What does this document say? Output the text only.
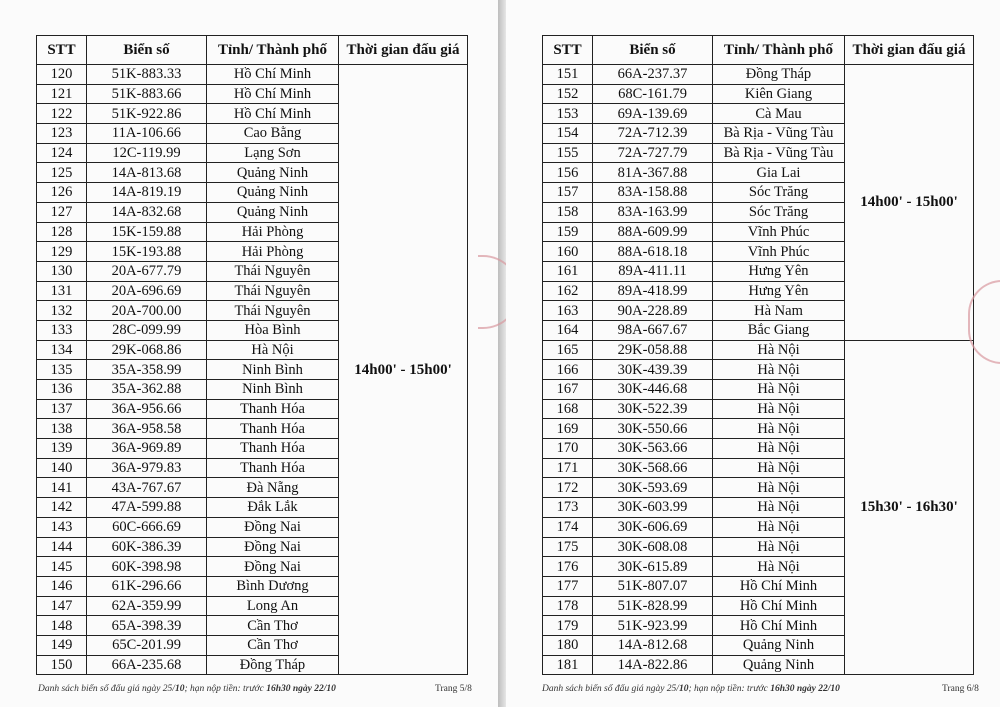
STT	Biển số	Tỉnh/ Thành phố	Thời gian đấu giá
120	51K-883.33	Hồ Chí Minh	14h00' - 15h00'
121	51K-883.66	Hồ Chí Minh	
122	51K-922.86	Hồ Chí Minh	
123	11A-106.66	Cao Bằng	
124	12C-119.99	Lạng Sơn	
125	14A-813.68	Quảng Ninh	
126	14A-819.19	Quảng Ninh	
127	14A-832.68	Quảng Ninh	
128	15K-159.88	Hải Phòng	
129	15K-193.88	Hải Phòng	
130	20A-677.79	Thái Nguyên	
131	20A-696.69	Thái Nguyên	
132	20A-700.00	Thái Nguyên	
133	28C-099.99	Hòa Bình	
134	29K-068.86	Hà Nội	
135	35A-358.99	Ninh Bình	
136	35A-362.88	Ninh Bình	
137	36A-956.66	Thanh Hóa	
138	36A-958.58	Thanh Hóa	
139	36A-969.89	Thanh Hóa	
140	36A-979.83	Thanh Hóa	
141	43A-767.67	Đà Nẵng	
142	47A-599.88	Đắk Lắk	
143	60C-666.69	Đồng Nai	
144	60K-386.39	Đồng Nai	
145	60K-398.98	Đồng Nai	
146	61K-296.66	Bình Dương	
147	62A-359.99	Long An	
148	65A-398.39	Cần Thơ	
149	65C-201.99	Cần Thơ	
150	66A-235.68	Đồng Tháp	
Danh sách biển số đấu giá ngày 25/10; hạn nộp tiền: trước 16h30 ngày 22/10	Trang 5/8
STT	Biển số	Tỉnh/ Thành phố	Thời gian đấu giá
151	66A-237.37	Đồng Tháp	14h00' - 15h00'
152	68C-161.79	Kiên Giang	
153	69A-139.69	Cà Mau	
154	72A-712.39	Bà Rịa - Vũng Tàu	
155	72A-727.79	Bà Rịa - Vũng Tàu	
156	81A-367.88	Gia Lai	
157	83A-158.88	Sóc Trăng	
158	83A-163.99	Sóc Trăng	
159	88A-609.99	Vĩnh Phúc	
160	88A-618.18	Vĩnh Phúc	
161	89A-411.11	Hưng Yên	
162	89A-418.99	Hưng Yên	
163	90A-228.89	Hà Nam	
164	98A-667.67	Bắc Giang	
165	29K-058.88	Hà Nội	15h30' - 16h30'
166	30K-439.39	Hà Nội	
167	30K-446.68	Hà Nội	
168	30K-522.39	Hà Nội	
169	30K-550.66	Hà Nội	
170	30K-563.66	Hà Nội	
171	30K-568.66	Hà Nội	
172	30K-593.69	Hà Nội	
173	30K-603.99	Hà Nội	
174	30K-606.69	Hà Nội	
175	30K-608.08	Hà Nội	
176	30K-615.89	Hà Nội	
177	51K-807.07	Hồ Chí Minh	
178	51K-828.99	Hồ Chí Minh	
179	51K-923.99	Hồ Chí Minh	
180	14A-812.68	Quảng Ninh	
181	14A-822.86	Quảng Ninh	
Danh sách biển số đấu giá ngày 25/10; hạn nộp tiền: trước 16h30 ngày 22/10	Trang 6/8
